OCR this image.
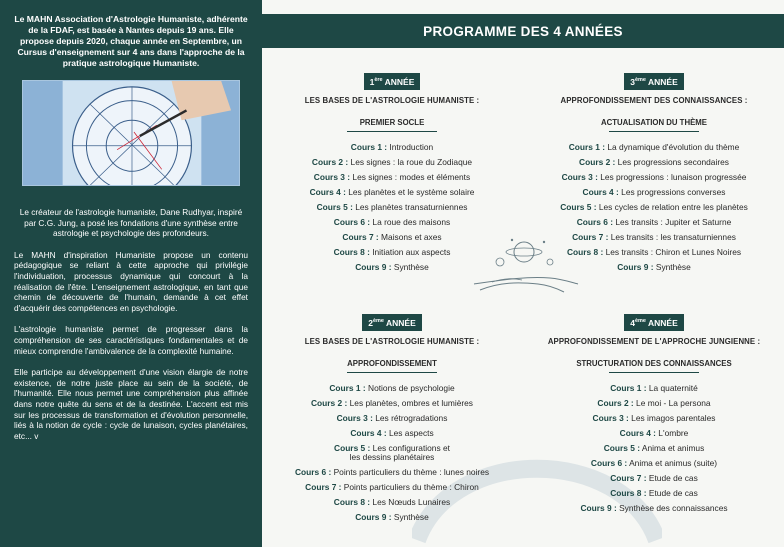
Le MAHN Association d'Astrologie Humaniste, adhérente de la FDAF, est basée à Nantes depuis 19 ans. Elle propose depuis 2020, chaque année en Septembre, un Cursus d'enseignement sur 4 ans dans l'approche de la pratique astrologique Humaniste.

Le créateur de l'astrologie humaniste, Dane Rudhyar, inspiré par C.G. Jung, a posé les fondations d'une synthèse entre astrologie et psychologie des profondeurs.

Le MAHN d'inspiration Humaniste propose un contenu pédagogique se reliant à cette approche qui privilégie l'individuation, processus dynamique qui concourt à la réalisation de l'être. L'enseignement astrologique, en tant que chemin de découverte de l'humain, demande à cet effet d'acquérir des compétences en psychologie.

L'astrologie humaniste permet de progresser dans la compréhension de ses caractéristiques fondamentales et de mieux comprendre l'ambivalence de la complexité humaine.

Elle participe au développement d'une vision élargie de notre existence, de notre juste place au sein de la société, de l'humanité. Elle nous permet une compréhension plus affinée dans notre quête du sens et de la destinée. L'accent est mis sur les processus de transformation et d'évolution personnelle, liés à la notion de cycle : cycle de lunaison, cycles planétaires, etc... v

PROGRAMME DES 4 ANNÉES
1ère ANNÉE
LES BASES DE L'ASTROLOGIE HUMANISTE :
PREMIER SOCLE
Cours 1 : Introduction
Cours 2 : Les signes : la roue du Zodiaque
Cours 3 : Les signes : modes et éléments
Cours 4 : Les planètes et le système solaire
Cours 5 : Les planètes transaturniennes
Cours 6 : La roue des maisons
Cours 7 : Maisons et axes
Cours 8 : Initiation aux aspects
Cours 9 : Synthèse
3ème ANNÉE
APPROFONDISSEMENT DES CONNAISSANCES :
ACTUALISATION DU THÈME
Cours 1 : La dynamique d'évolution du thème
Cours 2 : Les progressions secondaires
Cours 3 : Les progressions : lunaison progressée
Cours 4 : Les progressions converses
Cours 5 : Les cycles de relation entre les planètes
Cours 6 : Les transits : Jupiter et Saturne
Cours 7 : Les transits : les transaturniennes
Cours 8 : Les transits : Chiron et Lunes Noires
Cours 9 : Synthèse
2ème ANNÉE
LES BASES DE L'ASTROLOGIE HUMANISTE :
APPROFONDISSEMENT
Cours 1 : Notions de psychologie
Cours 2 : Les planètes, ombres et lumières
Cours 3 : Les rétrogradations
Cours 4 : Les aspects
Cours 5 : Les configurations et
les dessins planétaires
Cours 6 : Points particuliers du thème : lunes noires
Cours 7 : Points particuliers du thème : Chiron
Cours 8 : Les Nœuds Lunaires
Cours 9 : Synthèse
4ème ANNÉE
APPROFONDISSEMENT DE L'APPROCHE JUNGIENNE :
STRUCTURATION DES CONNAISSANCES
Cours 1 : La quaternité
Cours 2 : Le moi - La persona
Cours 3 : Les imagos parentales
Cours 4 : L'ombre
Cours 5 : Anima et animus
Cours 6 : Anima et animus (suite)
Cours 7 : Etude de cas
Cours 8 : Etude de cas
Cours 9 : Synthèse des connaissances
